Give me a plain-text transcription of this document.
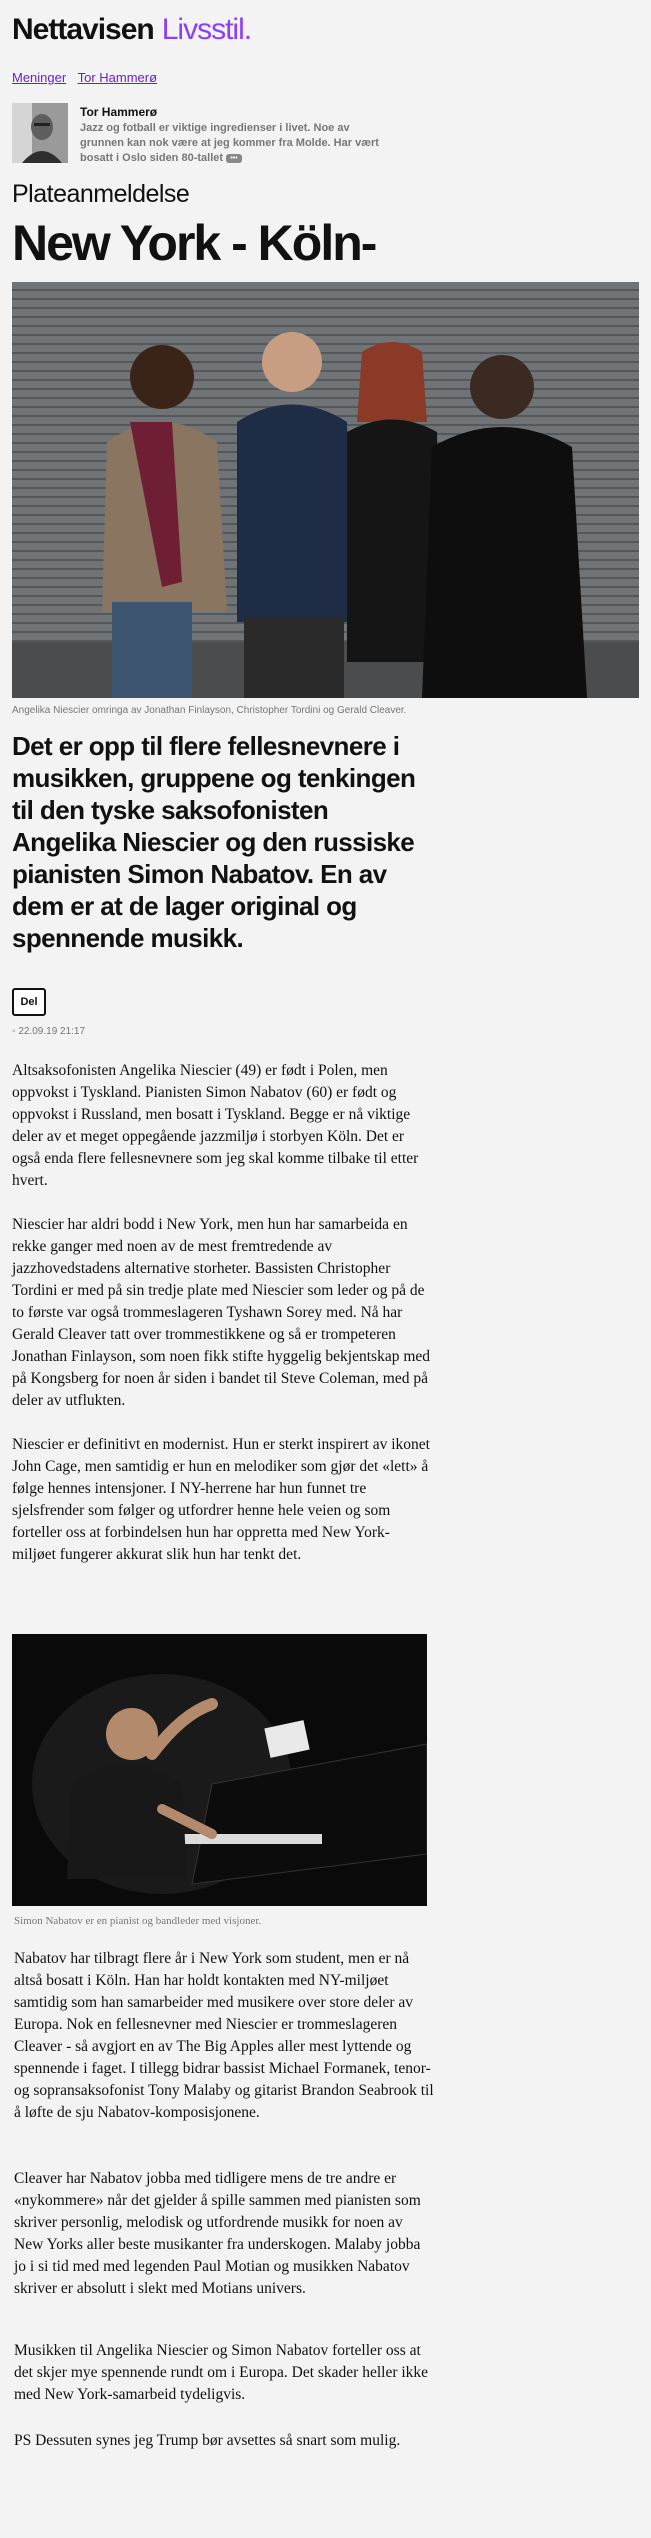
Nettavisen Livsstil.
Meninger Tor Hammerø
Tor Hammerø
Jazz og fotball er viktige ingredienser i livet. Noe av grunnen kan nok være at jeg kommer fra Molde. Har vært bosatt i Oslo siden 80-tallet •••
Plateanmeldelse
New York - Köln-
Angelika Niescier omringa av Jonathan Finlayson, Christopher Tordini og Gerald Cleaver.
Det er opp til flere fellesnevnere i musikken, gruppene og tenkingen til den tyske saksofonisten Angelika Niescier og den russiske pianisten Simon Nabatov. En av dem er at de lager original og spennende musikk.
Del
◦ 22.09.19 21:17

Altsaksofonisten Angelika Niescier (49) er født i Polen, men oppvokst i Tyskland. Pianisten Simon Nabatov (60) er født og oppvokst i Russland, men bosatt i Tyskland. Begge er nå viktige deler av et meget oppegående jazzmiljø i storbyen Köln. Det er også enda flere fellesnevnere som jeg skal komme tilbake til etter hvert.

Niescier har aldri bodd i New York, men hun har samarbeida en rekke ganger med noen av de mest fremtredende av jazzhovedstadens alternative storheter. Bassisten Christopher Tordini er med på sin tredje plate med Niescier som leder og på de to første var også trommeslageren Tyshawn Sorey med. Nå har Gerald Cleaver tatt over trommestikkene og så er trompeteren Jonathan Finlayson, som noen fikk stifte hyggelig bekjentskap med på Kongsberg for noen år siden i bandet til Steve Coleman, med på deler av utflukten.

Niescier er definitivt en modernist. Hun er sterkt inspirert av ikonet John Cage, men samtidig er hun en melodiker som gjør det «lett» å følge hennes intensjoner. I NY-herrene har hun funnet tre sjelsfrender som følger og utfordrer henne hele veien og som forteller oss at forbindelsen hun har oppretta med New York-miljøet fungerer akkurat slik hun har tenkt det.

Simon Nabatov er en pianist og bandleder med visjoner.

Nabatov har tilbragt flere år i New York som student, men er nå altså bosatt i Köln. Han har holdt kontakten med NY-miljøet samtidig som han samarbeider med musikere over store deler av Europa. Nok en fellesnevner med Niescier er trommeslageren Cleaver - så avgjort en av The Big Apples aller mest lyttende og spennende i faget. I tillegg bidrar bassist Michael Formanek, tenor- og sopransaksofonist Tony Malaby og gitarist Brandon Seabrook til å løfte de sju Nabatov-komposisjonene.

Cleaver har Nabatov jobba med tidligere mens de tre andre er «nykommere» når det gjelder å spille sammen med pianisten som skriver personlig, melodisk og utfordrende musikk for noen av New Yorks aller beste musikanter fra underskogen. Malaby jobba jo i si tid med med legenden Paul Motian og musikken Nabatov skriver er absolutt i slekt med Motians univers.

Musikken til Angelika Niescier og Simon Nabatov forteller oss at det skjer mye spennende rundt om i Europa. Det skader heller ikke med New York-samarbeid tydeligvis.

PS Dessuten synes jeg Trump bør avsettes så snart som mulig.
